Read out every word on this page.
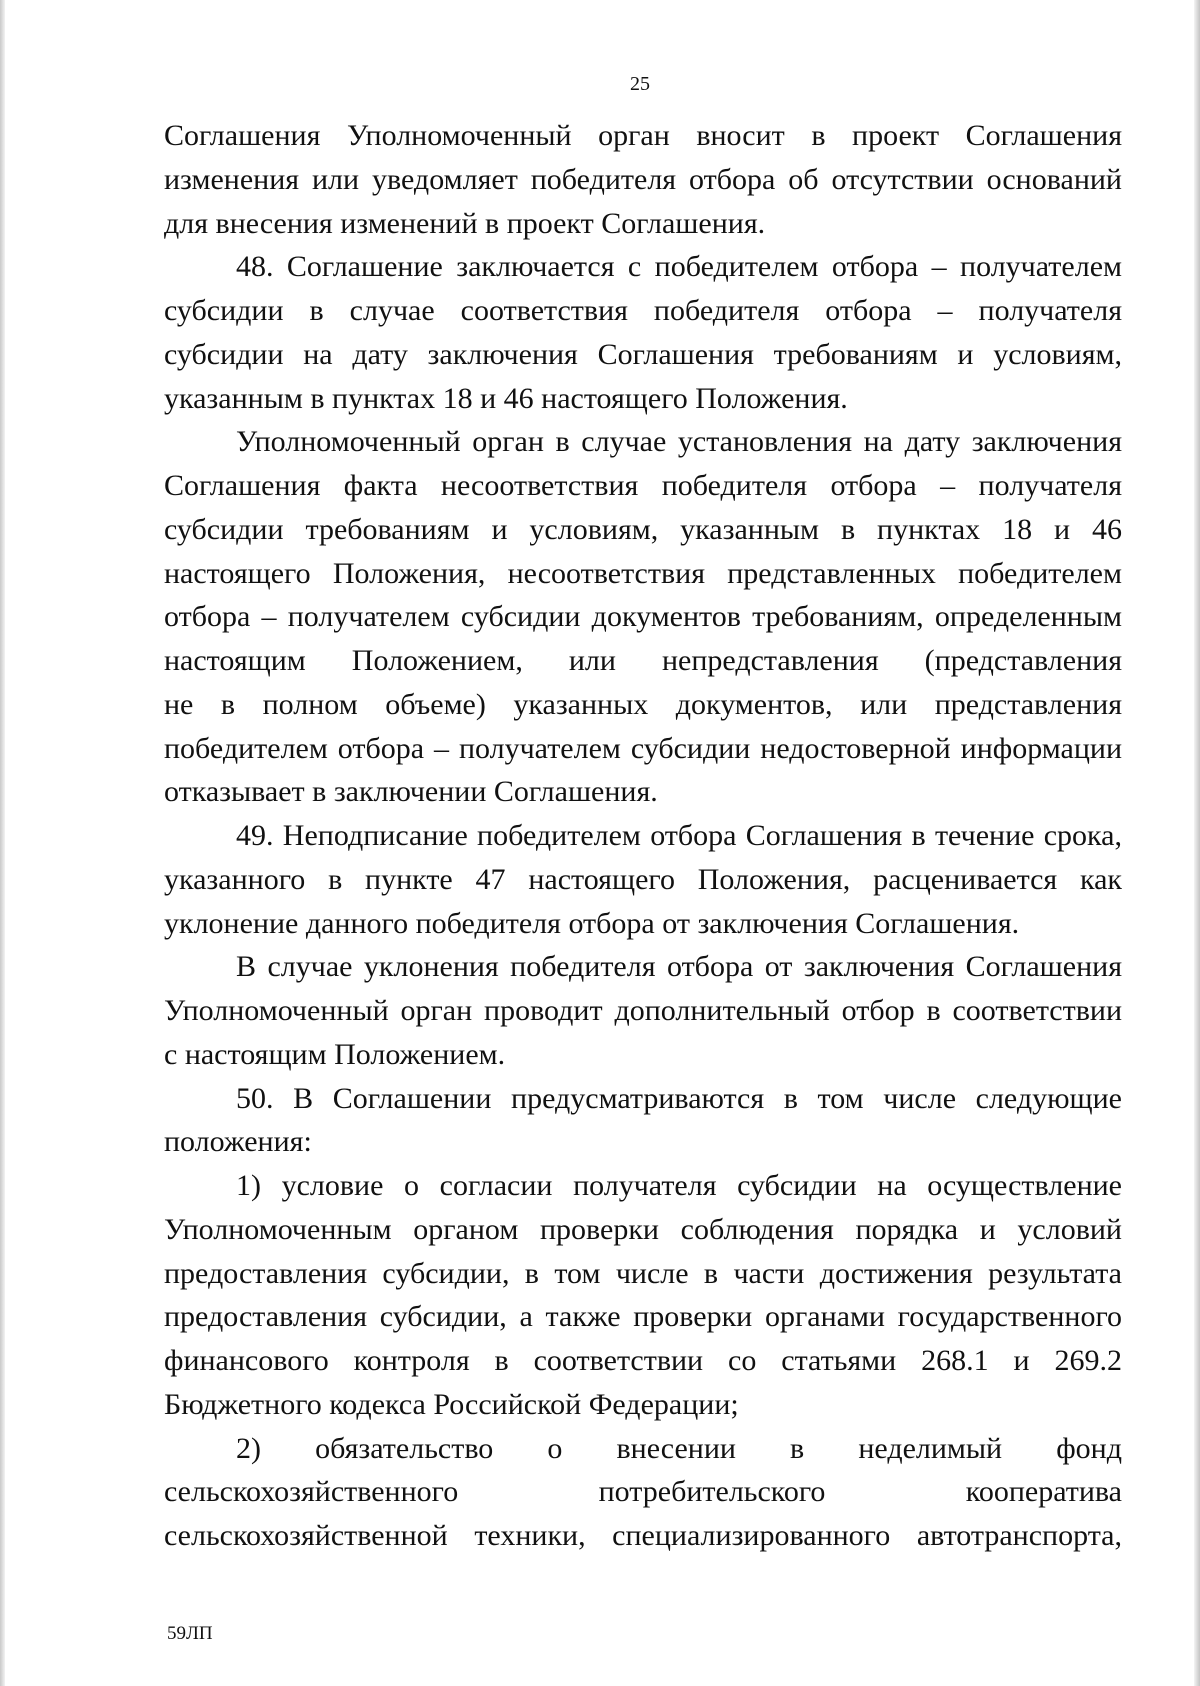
25
Соглашения Уполномоченный орган вносит в проект Соглашения
изменения или уведомляет победителя отбора об отсутствии оснований
для внесения изменений в проект Соглашения.
48. Соглашение заключается с победителем отбора – получателем
субсидии в случае соответствия победителя отбора – получателя
субсидии на дату заключения Соглашения требованиям и условиям,
указанным в пунктах 18 и 46 настоящего Положения.
Уполномоченный орган в случае установления на дату заключения
Соглашения факта несоответствия победителя отбора – получателя
субсидии требованиям и условиям, указанным в пунктах 18 и 46
настоящего Положения, несоответствия представленных победителем
отбора – получателем субсидии документов требованиям, определенным
настоящим Положением, или непредставления (представления
не в полном объеме) указанных документов, или представления
победителем отбора – получателем субсидии недостоверной информации
отказывает в заключении Соглашения.
49. Неподписание победителем отбора Соглашения в течение срока,
указанного в пункте 47 настоящего Положения, расценивается как
уклонение данного победителя отбора от заключения Соглашения.
В случае уклонения победителя отбора от заключения Соглашения
Уполномоченный орган проводит дополнительный отбор в соответствии
с настоящим Положением.
50. В Соглашении предусматриваются в том числе следующие
положения:
1) условие о согласии получателя субсидии на осуществление
Уполномоченным органом проверки соблюдения порядка и условий
предоставления субсидии, в том числе в части достижения результата
предоставления субсидии, а также проверки органами государственного
финансового контроля в соответствии со статьями 268.1 и 269.2
Бюджетного кодекса Российской Федерации;
2) обязательство о внесении в неделимый фонд
сельскохозяйственного потребительского кооператива
сельскохозяйственной техники, специализированного автотранспорта,
59ЛП
